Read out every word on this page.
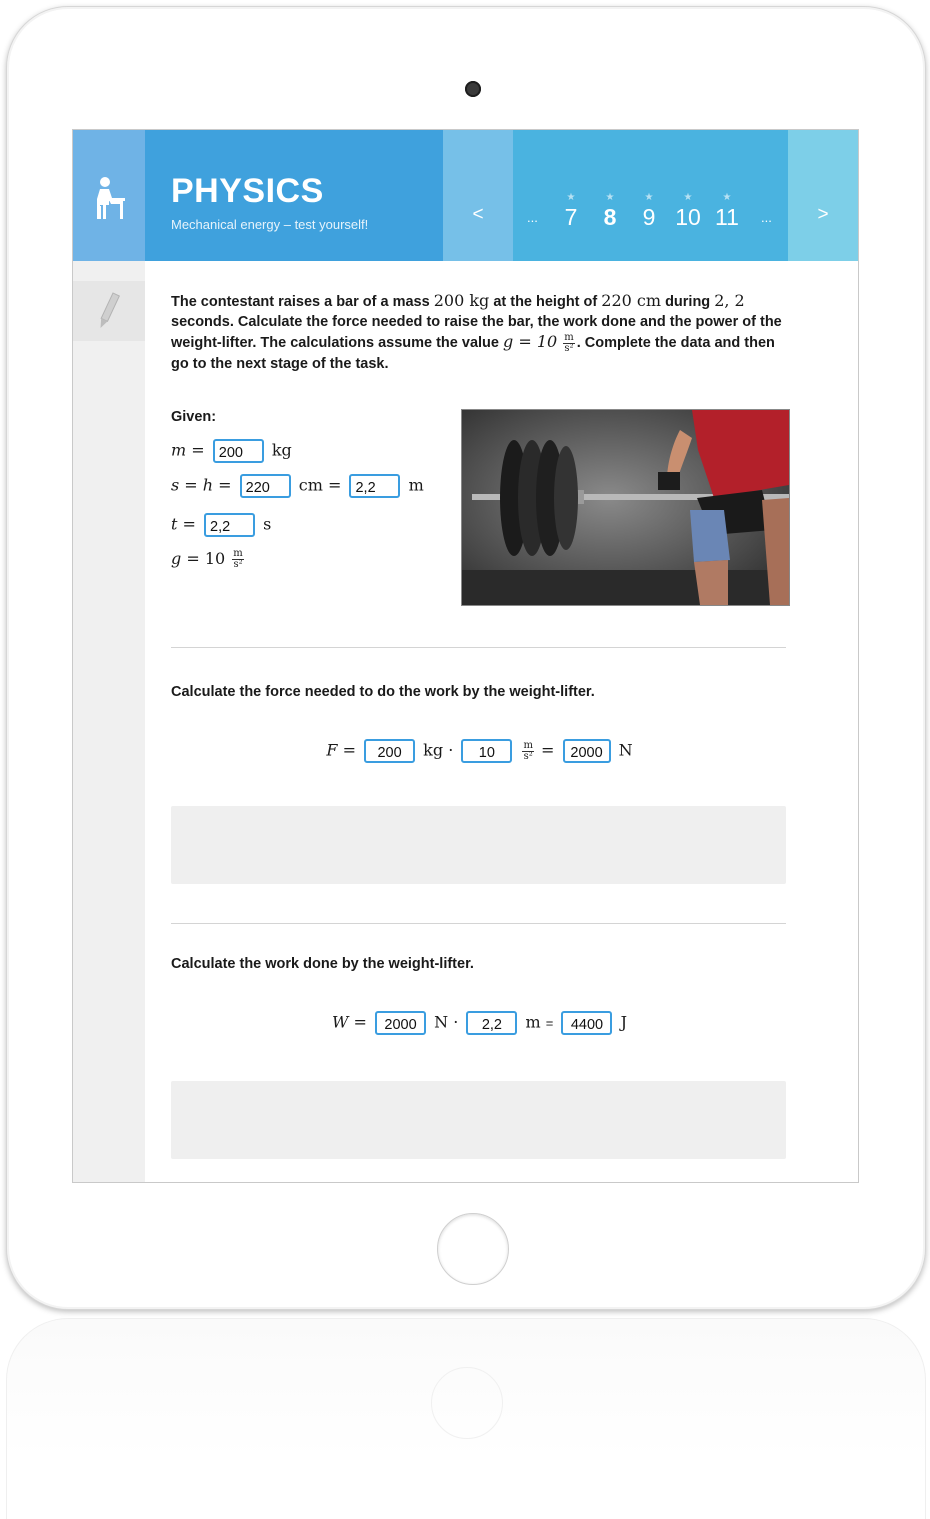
PHYSICS
Mechanical energy – test yourself!	<	...
★
7
★
8
★
9
★
10
★
11 ...	>
The contestant raises a bar of a mass 200 kg at the height of 220 cm during 2, 2 seconds. Calculate the force needed to raise the bar, the work done and the power of the weight-lifter. The calculations assume the value $g = 10 \frac{m}{\text{s²}}$ . Complete the data and then go to the next stage of the task.
Given:
m = 200 kg
s = h = 220 cm = 2,2 m
t = 2,2 s
$g = 10 \frac{m}{\text{s²}}$
Calculate the force needed to do the work by the weight-lifter.
F = 200 kg · 10	$\frac{m}{\text{s²}} = 2000$ N
Calculate the work done by the weight-lifter.
W = 2000 N · 2,2 m = 4400 J
